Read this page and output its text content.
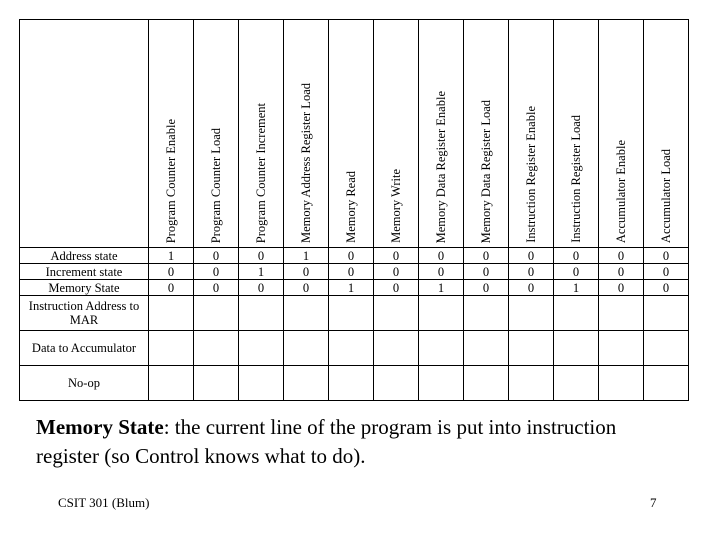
	Program Counter Enable	Program Counter Load	Program Counter Increment	Memory Address Register Load	Memory Read	Memory Write	Memory Data Register Enable	Memory Data Register Load	Instruction Register Enable	Instruction Register Load	Accumulator Enable	Accumulator Load

Address state	1	0	0	1	0	0	0	0	0	0	0	0
Increment state	0	0	1	0	0	0	0	0	0	0	0	0
Memory State	0	0	0	0	1	0	1	0	0	1	0	0
Instruction Address to MAR												
Data to Accumulator												
No-op												
Memory State: the current line of the program is put into instruction register (so Control knows what to do).
CSIT 301 (Blum)	7
